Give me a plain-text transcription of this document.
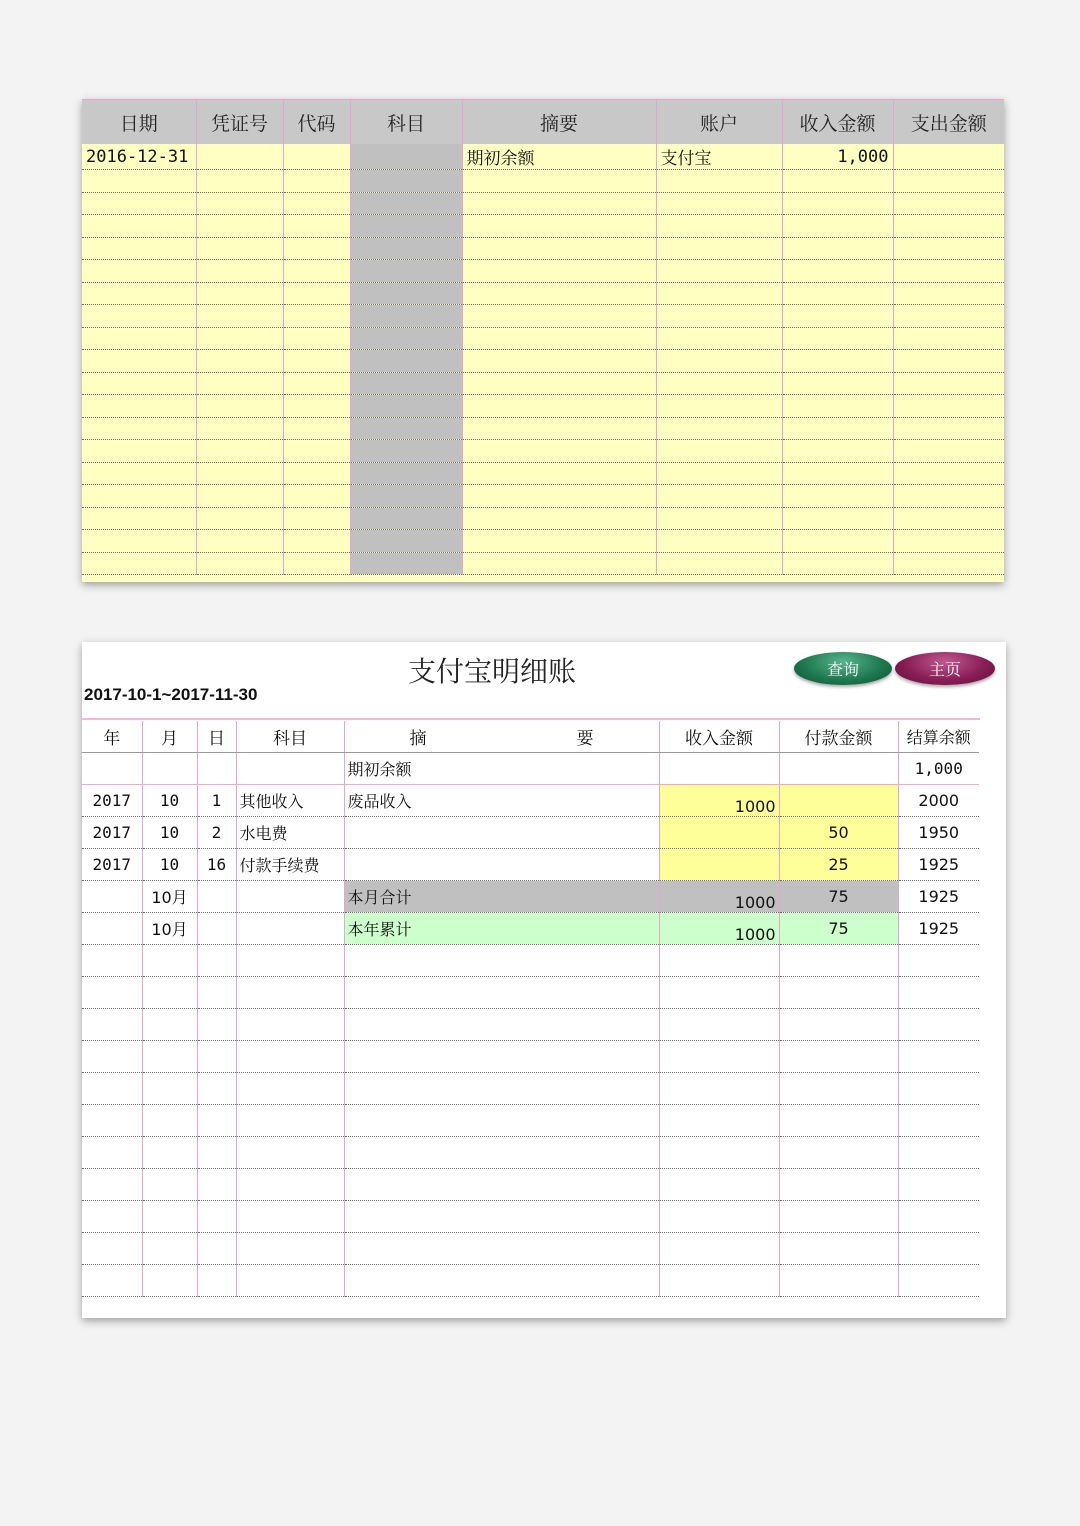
日期	凭证号	代码	科目	摘要	账户	收入金额	支出金额
2016-12-31				期初余额	支付宝	1,000	

支付宝明细账
2017-10-1~2017-11-30
查询	主页
年	月	日	科目	摘 要	收入金额	付款金额	结算余额
				期初余额			1,000
2017	10	1	其他收入	废品收入	1000		2000
2017	10	2	水电费			50	1950
2017	10	16	付款手续费			25	1925
	10月			本月合计	1000	75	1925
	10月			本年累计	1000	75	1925
